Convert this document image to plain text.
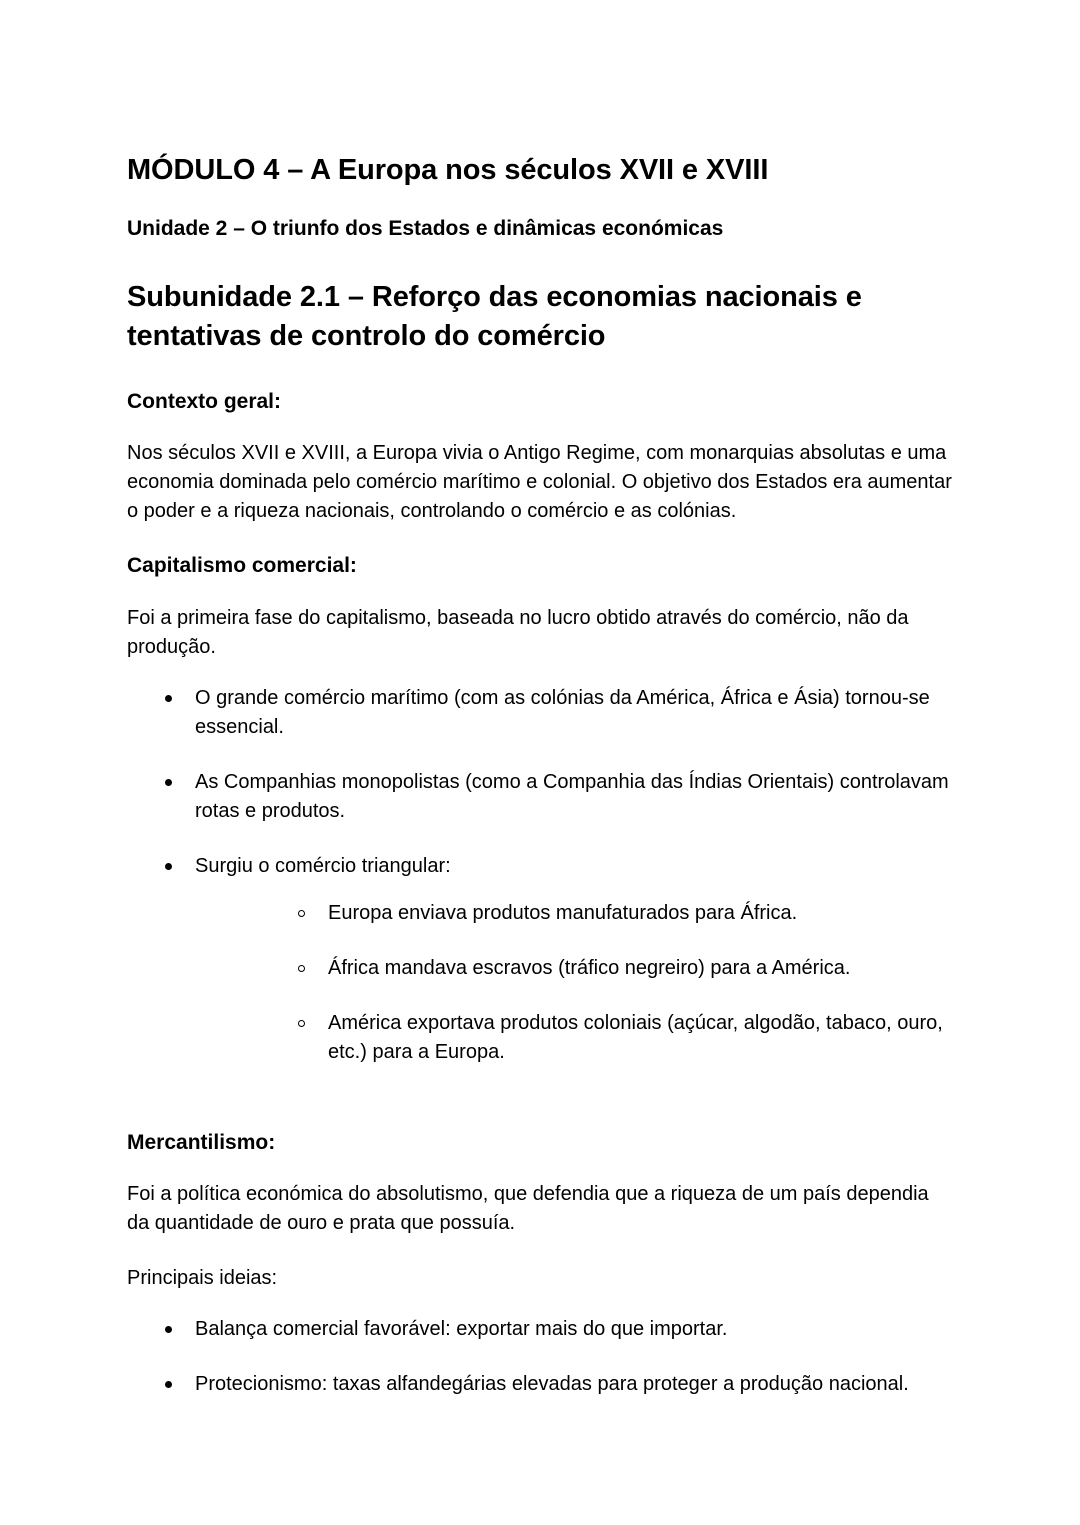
MÓDULO 4 – A Europa nos séculos XVII e XVIII
Unidade 2 – O triunfo dos Estados e dinâmicas económicas
Subunidade 2.1 – Reforço das economias nacionais e tentativas de controlo do comércio
Contexto geral:

Nos séculos XVII e XVIII, a Europa vivia o Antigo Regime, com monarquias absolutas e uma economia dominada pelo comércio marítimo e colonial. O objetivo dos Estados era aumentar o poder e a riqueza nacionais, controlando o comércio e as colónias.

Capitalismo comercial:

Foi a primeira fase do capitalismo, baseada no lucro obtido através do comércio, não da produção.

O grande comércio marítimo (com as colónias da América, África e Ásia) tornou-se essencial.
As Companhias monopolistas (como a Companhia das Índias Orientais) controlavam rotas e produtos.
Surgiu o comércio triangular:
Europa enviava produtos manufaturados para África.
África mandava escravos (tráfico negreiro) para a América.
América exportava produtos coloniais (açúcar, algodão, tabaco, ouro, etc.) para a Europa.
Mercantilismo:

Foi a política económica do absolutismo, que defendia que a riqueza de um país dependia da quantidade de ouro e prata que possuía.

Principais ideias:

Balança comercial favorável: exportar mais do que importar.
Protecionismo: taxas alfandegárias elevadas para proteger a produção nacional.
